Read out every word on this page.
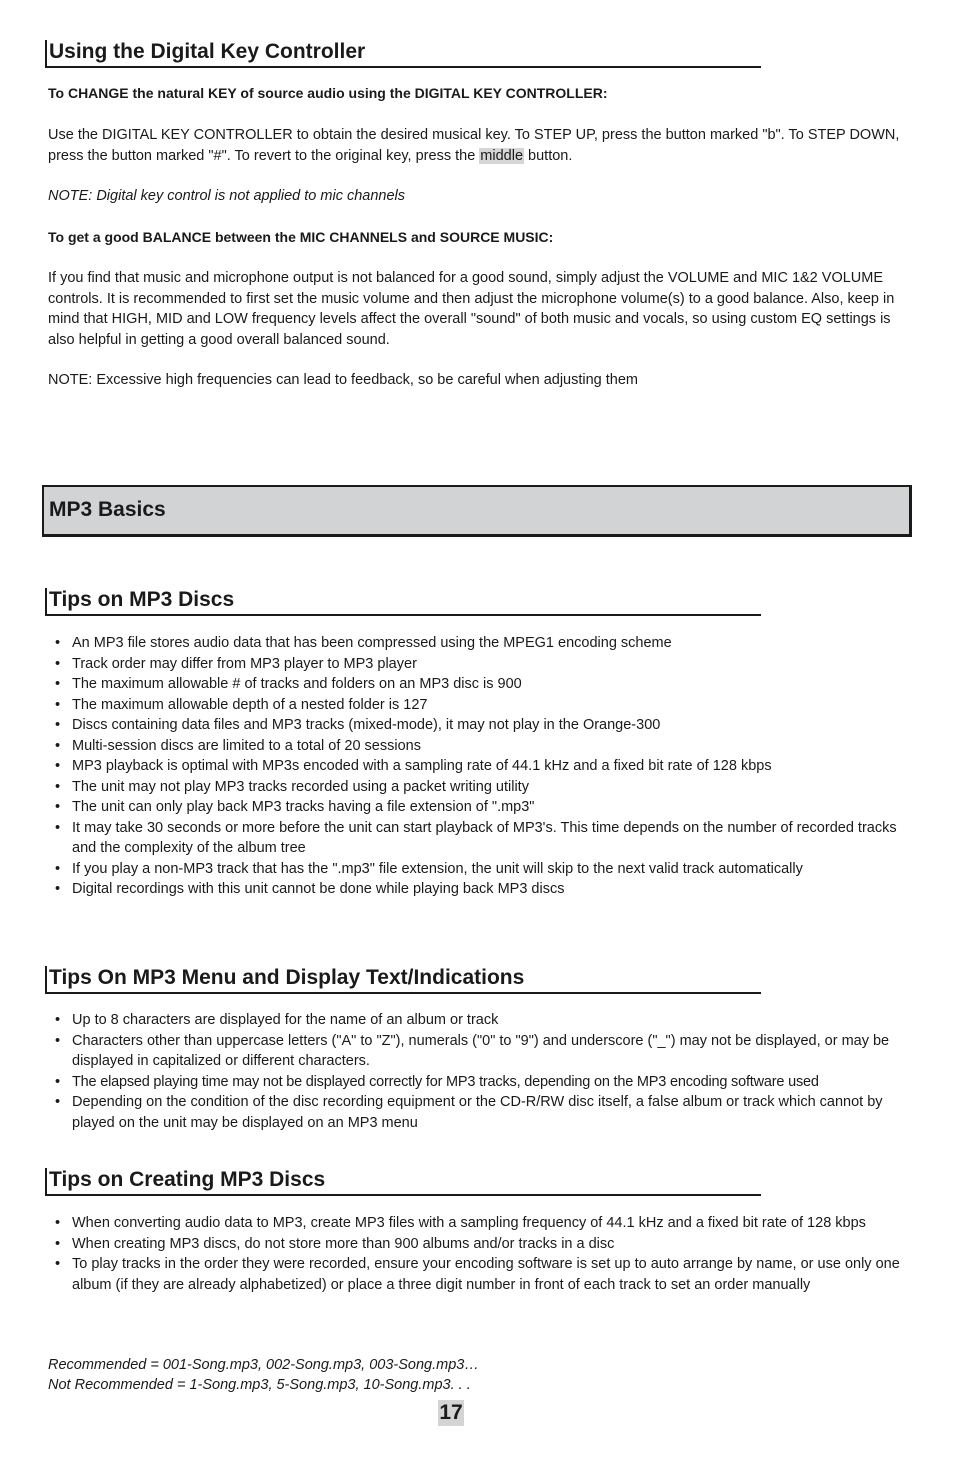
Using the Digital Key Controller
To CHANGE the natural KEY of source audio using the DIGITAL KEY CONTROLLER:

Use the DIGITAL KEY CONTROLLER to obtain the desired musical key. To STEP UP, press the button marked "b". To STEP DOWN, press the button marked "#". To revert to the original key, press the middle button.

NOTE: Digital key control is not applied to mic channels
To get a good BALANCE between the MIC CHANNELS and SOURCE MUSIC:

If you find that music and microphone output is not balanced for a good sound, simply adjust the VOLUME and MIC 1&2 VOLUME controls. It is recommended to first set the music volume and then adjust the microphone volume(s) to a good balance. Also, keep in mind that HIGH, MID and LOW frequency levels affect the overall "sound" of both music and vocals, so using custom EQ settings is also helpful in getting a good overall balanced sound.

NOTE: Excessive high frequencies can lead to feedback, so be careful when adjusting them
MP3 Basics
Tips on MP3 Discs
• An MP3 file stores audio data that has been compressed using the MPEG1 encoding scheme
• Track order may differ from MP3 player to MP3 player
• The maximum allowable # of tracks and folders on an MP3 disc is 900
• The maximum allowable depth of a nested folder is 127
• Discs containing data files and MP3 tracks (mixed-mode), it may not play in the Orange-300
• Multi-session discs are limited to a total of 20 sessions
• MP3 playback is optimal with MP3s encoded with a sampling rate of 44.1 kHz and a fixed bit rate of 128 kbps
• The unit may not play MP3 tracks recorded using a packet writing utility
• The unit can only play back MP3 tracks having a file extension of ".mp3"
• It may take 30 seconds or more before the unit can start playback of MP3's. This time depends on the number of recorded tracks and the complexity of the album tree
• If you play a non-MP3 track that has the ".mp3" file extension, the unit will skip to the next valid track automatically
• Digital recordings with this unit cannot be done while playing back MP3 discs
Tips On MP3 Menu and Display Text/Indications
• Up to 8 characters are displayed for the name of an album or track
• Characters other than uppercase letters ("A" to "Z"), numerals ("0" to "9") and underscore ("_") may not be displayed, or may be displayed in capitalized or different characters.
• The elapsed playing time may not be displayed correctly for MP3 tracks, depending on the MP3 encoding software used
• Depending on the condition of the disc recording equipment or the CD-R/RW disc itself, a false album or track which cannot by played on the unit may be displayed on an MP3 menu
Tips on Creating MP3 Discs
• When converting audio data to MP3, create MP3 files with a sampling frequency of 44.1 kHz and a fixed bit rate of 128 kbps
• When creating MP3 discs, do not store more than 900 albums and/or tracks in a disc
• To play tracks in the order they were recorded, ensure your encoding software is set up to auto arrange by name, or use only one album (if they are already alphabetized) or place a three digit number in front of each track to set an order manually
Recommended = 001-Song.mp3, 002-Song.mp3, 003-Song.mp3…
Not Recommended = 1-Song.mp3, 5-Song.mp3, 10-Song.mp3. . .
17
